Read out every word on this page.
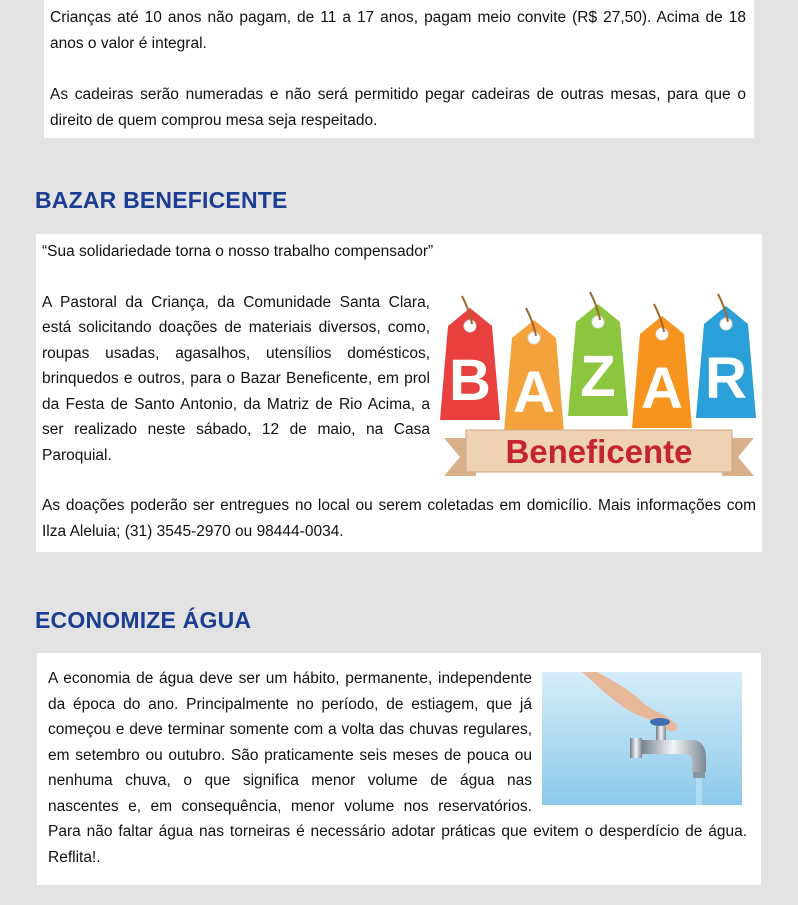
Crianças até 10 anos não pagam, de 11 a 17 anos, pagam meio convite (R$ 27,50). Acima de 18 anos o valor é integral.

As cadeiras serão numeradas e não será permitido pegar cadeiras de outras mesas, para que o direito de quem comprou mesa seja respeitado.

BAZAR BENEFICENTE

“Sua solidariedade torna o nosso trabalho compensador”

B A Z A R
Beneficente

A Pastoral da Criança, da Comunidade Santa Clara, está solicitando doações de materiais diversos, como, roupas usadas, agasalhos, utensílios domésticos, brinquedos e outros, para o Bazar Beneficente, em prol da Festa de Santo Antonio, da Matriz de Rio Acima, a ser realizado neste sábado, 12 de maio, na Casa Paroquial.

As doações poderão ser entregues no local ou serem coletadas em domicílio. Mais informações com Ilza Aleluia; (31) 3545-2970 ou 98444-0034.

ECONOMIZE ÁGUA

A economia de água deve ser um hábito, permanente, independente da época do ano. Principalmente no período, de estiagem, que já começou e deve terminar somente com a volta das chuvas regulares, em setembro ou outubro. São praticamente seis meses de pouca ou nenhuma chuva, o que significa menor volume de água nas nascentes e, em consequência, menor volume nos reservatórios. Para não faltar água nas torneiras é necessário adotar práticas que evitem o desperdício de água. Reflita!.
